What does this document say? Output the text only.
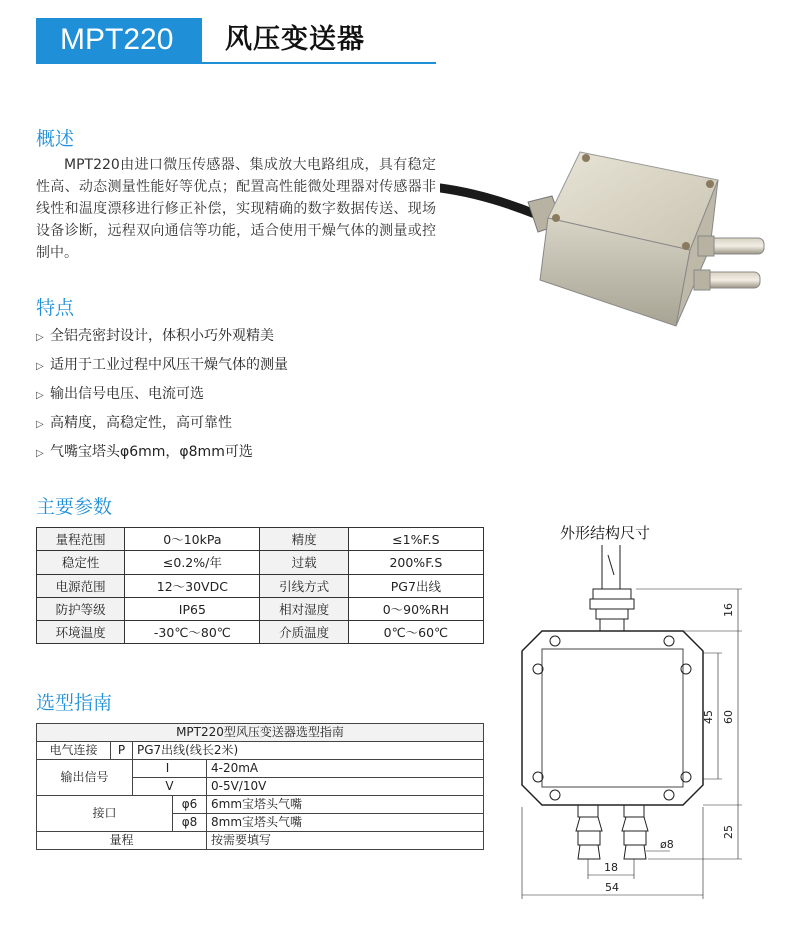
MPT220	风压变送器
概述
MPT220由进口微压传感器、集成放大电路组成，具有稳定性高、动态测量性能好等优点；配置高性能微处理器对传感器非线性和温度漂移进行修正补偿，实现精确的数字数据传送、现场设备诊断，远程双向通信等功能，适合使用干燥气体的测量或控制中。
特点
▷ 全铝壳密封设计，体积小巧外观精美
▷ 适用于工业过程中风压干燥气体的测量
▷ 输出信号电压、电流可选
▷ 高精度，高稳定性，高可靠性
▷ 气嘴宝塔头φ6mm，φ8mm可选
主要参数
量程范围	0～10kPa	精度	≤1%F.S
稳定性	≤0.2%/年	过载	200%F.S
电源范围	12～30VDC	引线方式	PG7出线
防护等级	IP65	相对湿度	0～90%RH
环境温度	-30℃～80℃	介质温度	0℃～60℃
选型指南
MPT220型风压变送器选型指南				
电气连接	P	PG7出线(线长2米)		
输出信号		I		4-20mA
		V		0-5V/10V
接口			φ6	6mm宝塔头气嘴
			φ8	8mm宝塔头气嘴
量程				按需要填写
外形结构尺寸
16
45 60
25
ø8
18
54
